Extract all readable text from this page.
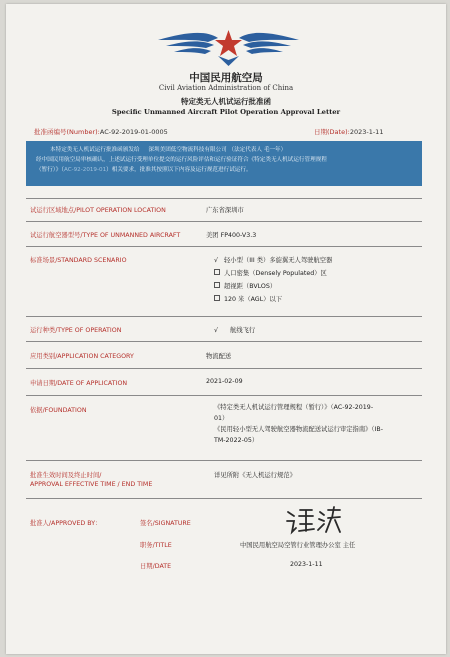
中国民用航空局
Civil Aviation Administration of China
特定类无人机试运行批准函
Specific Unmanned Aircraft Pilot Operation Approval Letter
批准函编号(Number):AC-92-2019-01-0005	日期(Date):2023-1-11
本特定类无人机试运行批准函颁发给 深圳美团低空物流科技有限公司 （法定代表人 毛一年）
经中国民用航空局审核确认，上述试运行受理单位提交的运行风险评估和运行验证符合《特定类无人机试运行管理规程
（暂行）》（AC-92-2019-01）相关要求，批准其按照以下内容及运行规范进行试运行。
试运行区域地点/PILOT OPERATION LOCATION	广东省深圳市
试运行航空器型号/TYPE OF UNMANNED AIRCRAFT	美团 FP400-V3.3
标准场景/STANDARD SCENARIO	√ 轻小型（III 类）多旋翼无人驾驶航空器
人口密集（Densely Populated）区
超视距（BVLOS）
120 米（AGL）以下
运行种类/TYPE OF OPERATION	√ 航线飞行
应用类别/APPLICATION CATEGORY	物流配送
申请日期/DATE OF APPLICATION	2021-02-09
依据/FOUNDATION	《特定类无人机试运行管理规程（暂行）》（AC-92-2019-
01）
《民用轻小型无人驾驶航空器物流配送试运行审定指南》（IB-
TM-2022-05）
批准生效时间及终止时间/
APPROVAL EFFECTIVE TIME / END TIME
详见所附《无人机运行规范》
批准人/APPROVED BY：	签名/SIGNATURE
职务/TITLE	中国民用航空局空管行业管理办公室 主任
日期/DATE	2023-1-11
